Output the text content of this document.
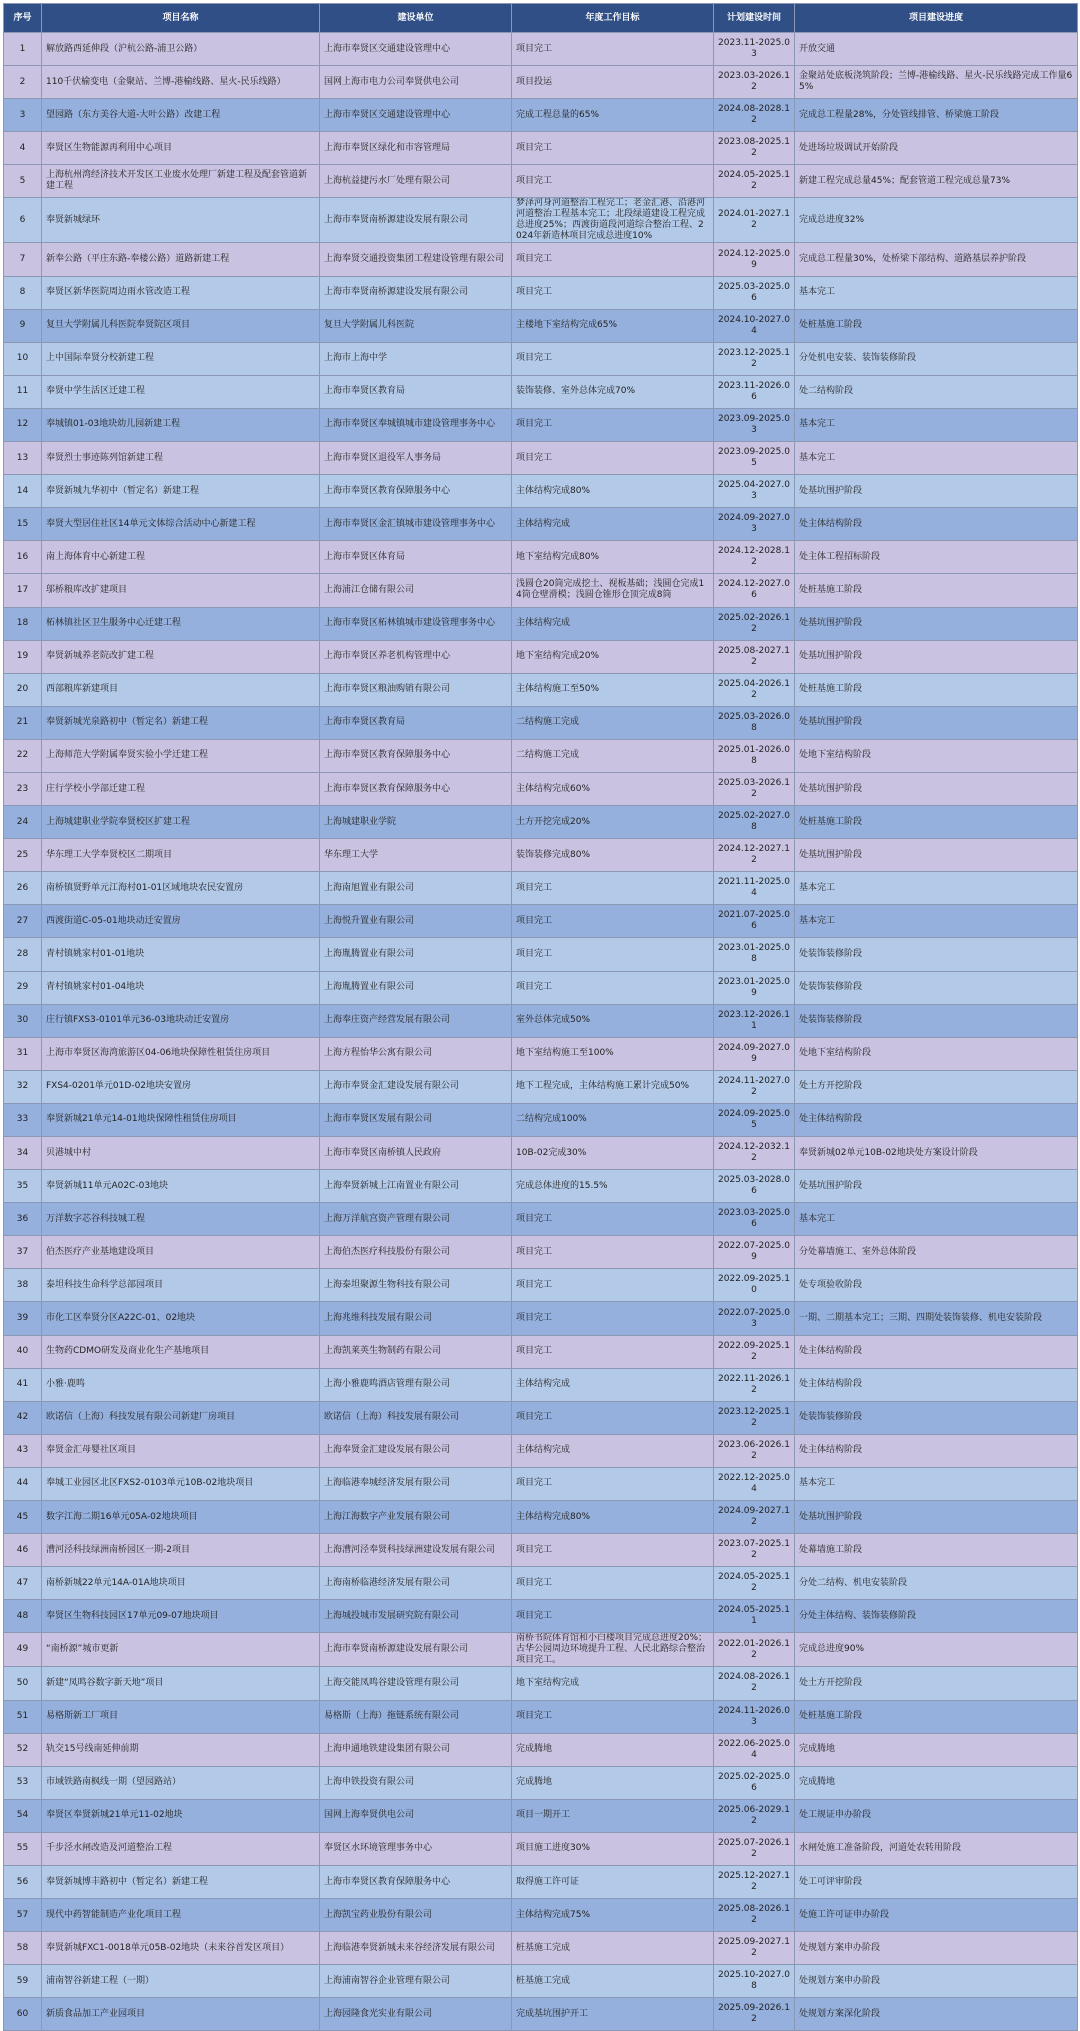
序号	项目名称	建设单位	年度工作目标	计划建设时间	项目建设进度
1	解放路西延伸段（沪杭公路-浦卫公路）	上海市奉贤区交通建设管理中心	项目完工	2023.11-2025.03	开放交通
2	110千伏榆变电（金聚站、兰博-港榆线路、星火-民乐线路）	国网上海市电力公司奉贤供电公司	项目投运	2023.03-2026.12	金聚站处底板浇筑阶段；兰博-港榆线路、星火-民乐线路完成工作量65%
3	望园路（东方美谷大道-大叶公路）改建工程	上海市奉贤区交通建设管理中心	完成工程总量的65%	2024.08-2028.12	完成总工程量28%，分处管线排管、桥梁施工阶段
4	奉贤区生物能源再利用中心项目	上海市奉贤区绿化和市容管理局	项目完工	2023.08-2025.12	处进场垃圾调试开始阶段
5	上海杭州湾经济技术开发区工业废水处理厂新建工程及配套管道新建工程	上海杭益捷污水厂处理有限公司	项目完工	2024.05-2025.12	新建工程完成总量45%；配套管道工程完成总量73%
6	奉贤新城绿环	上海市奉贤南桥源建设发展有限公司	梦泽河身河道整治工程完工；老金汇港、沿港河河道整治工程基本完工；北段绿道建设工程完成总进度25%；西渡街道段河道综合整治工程、2024年新造林项目完成总进度10%	2024.01-2027.12	完成总进度32%
7	新奉公路（平庄东路-奉楼公路）道路新建工程	上海奉贤交通投资集团工程建设管理有限公司	项目完工	2024.12-2025.09	完成总工程量30%，处桥梁下部结构、道路基层养护阶段
8	奉贤区新华医院周边雨水管改造工程	上海市奉贤南桥源建设发展有限公司	项目完工	2025.03-2025.06	基本完工
9	复旦大学附属儿科医院奉贤院区项目	复旦大学附属儿科医院	主楼地下室结构完成65%	2024.10-2027.04	处桩基施工阶段
10	上中国际奉贤分校新建工程	上海市上海中学	项目完工	2023.12-2025.12	分处机电安装、装饰装修阶段
11	奉贤中学生活区迁建工程	上海市奉贤区教育局	装饰装修、室外总体完成70%	2023.11-2026.06	处二结构阶段
12	奉城镇01-03地块幼儿园新建工程	上海市奉贤区奉城镇城市建设管理事务中心	项目完工	2023.09-2025.03	基本完工
13	奉贤烈士事迹陈列馆新建工程	上海市奉贤区退役军人事务局	项目完工	2023.09-2025.05	基本完工
14	奉贤新城九华初中（暂定名）新建工程	上海市奉贤区教育保障服务中心	主体结构完成80%	2025.04-2027.03	处基坑围护阶段
15	奉贤大型居住社区14单元文体综合活动中心新建工程	上海市奉贤区金汇镇城市建设管理事务中心	主体结构完成	2024.09-2027.03	处主体结构阶段
16	南上海体育中心新建工程	上海市奉贤区体育局	地下室结构完成80%	2024.12-2028.12	处主体工程招标阶段
17	邬桥粮库改扩建项目	上海浦江仓储有限公司	浅圆仓20筒完成挖土、视板基础；浅圆仓完成14筒仓壁滑模；浅圆仓锥形仓顶完成8筒	2024.12-2027.06	处桩基施工阶段
18	柘林镇社区卫生服务中心迁建工程	上海市奉贤区柘林镇城市建设管理事务中心	主体结构完成	2025.02-2026.12	处基坑围护阶段
19	奉贤新城养老院改扩建工程	上海市奉贤区养老机构管理中心	地下室结构完成20%	2025.08-2027.12	处基坑围护阶段
20	西部粮库新建项目	上海市奉贤区粮油购销有限公司	主体结构施工至50%	2025.04-2026.12	处桩基施工阶段
21	奉贤新城光泉路初中（暂定名）新建工程	上海市奉贤区教育局	二结构施工完成	2025.03-2026.08	处基坑围护阶段
22	上海师范大学附属奉贤实验小学迁建工程	上海市奉贤区教育保障服务中心	二结构施工完成	2025.01-2026.08	处地下室结构阶段
23	庄行学校小学部迁建工程	上海市奉贤区教育保障服务中心	主体结构完成60%	2025.03-2026.12	处基坑围护阶段
24	上海城建职业学院奉贤校区扩建工程	上海城建职业学院	土方开挖完成20%	2025.02-2027.08	处桩基施工阶段
25	华东理工大学奉贤校区二期项目	华东理工大学	装饰装修完成80%	2024.12-2027.12	处基坑围护阶段
26	南桥镇贤野单元江海村01-01区域地块农民安置房	上海南旭置业有限公司	项目完工	2021.11-2025.04	基本完工
27	西渡街道C-05-01地块动迁安置房	上海悦升置业有限公司	项目完工	2021.07-2025.06	基本完工
28	青村镇姚家村01-01地块	上海胤腾置业有限公司	项目完工	2023.01-2025.08	处装饰装修阶段
29	青村镇姚家村01-04地块	上海胤腾置业有限公司	项目完工	2023.01-2025.09	处装饰装修阶段
30	庄行镇FXS3-0101单元36-03地块动迁安置房	上海奉庄资产经营发展有限公司	室外总体完成50%	2023.12-2026.11	处装饰装修阶段
31	上海市奉贤区海湾旅游区04-06地块保障性租赁住房项目	上海方程怡华公寓有限公司	地下室结构施工至100%	2024.09-2027.09	处地下室结构阶段
32	FXS4-0201单元01D-02地块安置房	上海市奉贤金汇建设发展有限公司	地下工程完成，主体结构施工累计完成50%	2024.11-2027.02	处土方开挖阶段
33	奉贤新城21单元14-01地块保障性租赁住房项目	上海市奉贤区发展有限公司	二结构完成100%	2024.09-2025.05	处主体结构阶段
34	贝港城中村	上海市奉贤区南桥镇人民政府	10B-02完成30%	2024.12-2032.12	奉贤新城02单元10B-02地块处方案设计阶段
35	奉贤新城11单元A02C-03地块	上海奉贤新城上江南置业有限公司	完成总体进度的15.5%	2025.03-2028.06	处基坑围护阶段
36	万洋数字芯谷科技城工程	上海万洋航宫资产管理有限公司	项目完工	2023.03-2025.06	基本完工
37	伯杰医疗产业基地建设项目	上海伯杰医疗科技股份有限公司	项目完工	2022.07-2025.09	分处幕墙施工、室外总体阶段
38	泰坦科技生命科学总部园项目	上海泰坦聚源生物科技有限公司	项目完工	2022.09-2025.10	处专项验收阶段
39	市化工区奉贤分区A22C-01、02地块	上海兆维科技发展有限公司	项目完工	2022.07-2025.03	一期、二期基本完工；三期、四期处装饰装修、机电安装阶段
40	生物药CDMO研发及商业化生产基地项目	上海凯莱英生物制药有限公司	项目完工	2022.09-2025.12	处主体结构阶段
41	小雅·鹿鸣	上海小雅鹿鸣酒店管理有限公司	主体结构完成	2022.11-2026.12	处主体结构阶段
42	欧诺信（上海）科技发展有限公司新建厂房项目	欧诺信（上海）科技发展有限公司	项目完工	2023.12-2025.12	处装饰装修阶段
43	奉贤金汇母婴社区项目	上海奉贤金汇建设发展有限公司	主体结构完成	2023.06-2026.12	处主体结构阶段
44	奉城工业园区北区FXS2-0103单元10B-02地块项目	上海临港奉城经济发展有限公司	项目完工	2022.12-2025.04	基本完工
45	数字江海二期16单元05A-02地块项目	上海江海数字产业发展有限公司	主体结构完成80%	2024.09-2027.12	处基坑围护阶段
46	漕河泾科技绿洲南桥园区一期-2项目	上海漕河泾奉贤科技绿洲建设发展有限公司	项目完工	2023.07-2025.12	处幕墙施工阶段
47	南桥新城22单元14A-01A地块项目	上海南桥临港经济发展有限公司	项目完工	2024.05-2025.12	分处二结构、机电安装阶段
48	奉贤区生物科技园区17单元09-07地块项目	上海城投城市发展研究院有限公司	项目完工	2024.05-2025.11	分处主体结构、装饰装修阶段
49	“南桥源”城市更新	上海市奉贤南桥源建设发展有限公司	南桥书院体育馆和小白楼项目完成总进度20%；古华公园周边环境提升工程、人民北路综合整治项目完工。	2022.01-2026.12	完成总进度90%
50	新建“凤鸣谷数字新天地”项目	上海交能凤鸣谷建设管理有限公司	地下室结构完成	2024.08-2026.12	处土方开挖阶段
51	易格斯新工厂项目	易格斯（上海）拖链系统有限公司	项目完工	2024.11-2026.03	处桩基施工阶段
52	轨交15号线南延伸前期	上海申通地铁建设集团有限公司	完成腾地	2022.06-2025.04	完成腾地
53	市域铁路南枫线一期（望园路站）	上海申铁投资有限公司	完成腾地	2025.02-2025.06	完成腾地
54	奉贤区奉贤新城21单元11-02地块	国网上海奉贤供电公司	项目一期开工	2025.06-2029.12	处工规证申办阶段
55	千步泾水闸改造及河道整治工程	奉贤区水环境管理事务中心	项目施工进度30%	2025.07-2026.12	水闸处施工准备阶段，河道处农转用阶段
56	奉贤新城博丰路初中（暂定名）新建工程	上海市奉贤区教育保障服务中心	取得施工许可证	2025.12-2027.12	处工可评审阶段
57	现代中药智能制造产业化项目工程	上海凯宝药业股份有限公司	主体结构完成75%	2025.08-2026.12	处施工许可证申办阶段
58	奉贤新城FXC1-0018单元05B-02地块（未来谷首发区项目）	上海临港奉贤新城未来谷经济发展有限公司	桩基施工完成	2025.09-2027.12	处规划方案申办阶段
59	浦南智谷新建工程（一期）	上海浦南智谷企业管理有限公司	桩基施工完成	2025.10-2027.08	处规划方案申办阶段
60	新质食品加工产业园项目	上海园隆食光实业有限公司	完成基坑围护开工	2025.09-2026.12	处规划方案深化阶段
